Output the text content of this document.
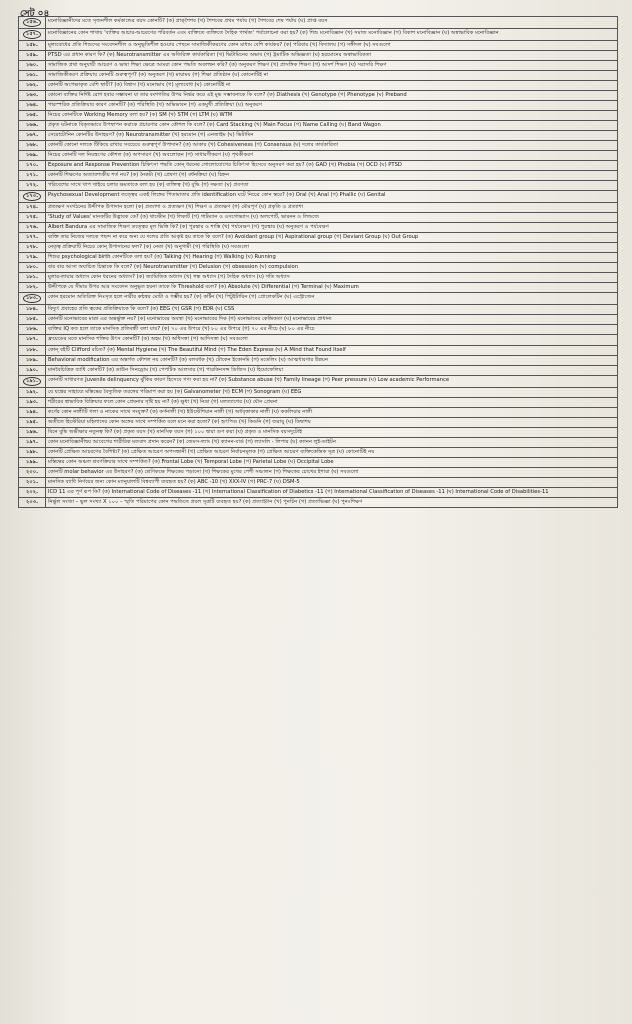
সেট ০৪
১৫৬.	মনোবিজ্ঞানীদের মতে সৃজনশীল কর্মকান্ডের বয়স কোনটি? (ক) প্রাক্‌শৈশব (খ) শৈশবের প্রথম পর্যায় (গ) শৈশবের শেষ পর্যায় (ঘ) প্রাপ্ত বয়স
১৫৭.	মনোবিজ্ঞানের কোন শাখায় 'ব্যক্তির আচার-আচরণের পরিবর্তন এবং ব্যক্তিতে ব্যক্তিতে দৈহিক পার্থক্য' পর্যালোচনা করা হয়? (ক) শিশু মনোবিজ্ঞান (খ) সমাজ মনোবিজ্ঞান (গ) বিকাশ মনোবিজ্ঞান (ঘ) অস্বাভাবিক মনোবিজ্ঞান
১৫৮.	মূল্যবোধের প্রতি শিশুদের সংবেদনশীল ও অনুভূতিশীল হওয়ার পেছনে সামাজিকীকরণের কোন মাধ্যম বেশি কার্যকর? (ক) পরিবার (খ) বিদ্যালয় (গ) সঙ্গীদল (ঘ) সবগুলো
১৫৯.	PTSD এর প্রধান কারণ কি? (ক) Neurotransmitter এর অতিরিক্ত কার্যকারিতা (খ) ভিটামিনের অভাব (গ) ট্রমাটিক অভিজ্ঞতা (ঘ) হরমোনের অস্বাভাবিকতা
১৬০.	সামাজিক প্রথা অনুযায়ী আচরণ ও ভাষা শিক্ষা ক্ষেত্রে আমরা কোন পদ্ধতি অবলম্বন করি? (ক) অনুকরণ শিক্ষণ (খ) প্রাসঙ্গিক শিক্ষণ (গ) আদর্শ শিক্ষণ (ঘ) সরাসরি শিক্ষণ
১৬১.	সামাজিকীকরণ প্রক্রিয়ায় কোনটি গুরুত্বপূর্ণ? (ক) অনুকরণ (খ) মায়াময় (গ) শিক্ষা প্রতিষ্ঠান (ঘ) কোনোটিই না
১৬২.	কোনটি অপেক্ষাকৃত বেশি স্থায়ী? (ক) বিশ্বাস (খ) মনোভাব (গ) মূল্যবোধ (ঘ) কোনোটিই না
১৬৩.	কোনো ব্যক্তির নির্দিষ্ট রোগ হবার সম্ভাবনা যা তার বংশগতির উপর নির্ভর করে এই মুদ্ধ সম্ভাবনাকে কি বলে? (ক) Diathesis (খ) Genotype (গ) Phenotype (ঘ) Preband
১৬৪.	পারস্পরিক প্রতিক্রিয়ার কারণ কোনটি? (ক) পরিস্থিতি (খ) অভিভাবন (গ) একমুখী প্রতিক্রিয়া (ঘ) অনুকরণ
১৬৫.	নিচের কোনটিকে Working Memory বলা হয়? (ক) SM (খ) STM (গ) LTM (ঘ) WTM
১৬৬.	প্রকৃত ঘটনাকে বিকৃতভাবে উপস্থাপন করাকে প্রচারণার কোন কৌশল কি বলে? (ক) Card Stacking (খ) Main Focus (গ) Name Calling (ঘ) Band Wagon
১৬৭.	সেরোটোনিন কোনটির উদাহরণ? (ক) Neurotransmitter (খ) হরমোন (গ) এনজাইম (ঘ) ভিটামিন
১৬৮.	কোনটি কোনো দলকে টিকিয়ে রাখার সবচেয়ে গুরুত্বপূর্ণ উপাদান? (ক) আকার (খ) Cohesiveness (গ) Consensus (ঘ) দলের কার্যকারিতা
১৬৯.	নিচের কোনটি দল নিয়ন্ত্রণের কৌশল (ক) অপসারণ (খ) অবলোকন (গ) সাধারণীকরণ (ঘ) পৃথকীকরণ
১৭০.	Exposure and Response Prevention চিকিৎসা পদ্ধতি কোন্ ধরনের গোলোযোগের চিকিৎসা হিসেবে অনুসরণ করা হয়? (ক) GAD (খ) Phobia (গ) OCD (ঘ) PTSD
১৭১.	কোনটি শিক্ষণের অত্যাবশ্যকীয় শর্ত নয়? (ক) নৈকট্য (খ) প্রেষণা (গ) বর্ধনক্রিয়া (ঘ) চিহ্নন
১৭২.	পরিবেশের সাথে খাপ খাইয়ে চলার ক্ষমতাকে বলা হয় (ক) ব্যক্তিত্ব (খ) বুদ্ধি (গ) দক্ষতা (ঘ) প্রবণতা
১৭৩.	Psychosexual Development তত্ত্বের একই লিঙ্গের পিতামাতার প্রতি identification ঘটে নিচের কোন স্তরে? (ক) Oral (খ) Anal (গ) Phallic (ঘ) Genital
১৭৪.	প্রত্যক্ষণ সংগঠনের উদ্দীপক উপাদান হলো (ক) প্রত্যাশা ও প্রত্যক্ষণ (খ) শিক্ষণ ও প্রত্যক্ষণ (গ) মৌরপূর্ণ (ঘ) প্রকৃতি ও প্রত্যাশা
১৭৫.	'Study of Values' মানকটির উদ্ভাবক কে? (ক) থার্স্টোন (খ) লিকার্ট (গ) গাটম্যান ও ওসগোভ্যাস (ঘ) অলপোর্ট, ভারনন ও লিন্ডজে
১৭৬.	Albert Bandura এর সামাজিক শিক্ষণ তত্ত্বের মূল ভিত্তি কি? (ক) পুরস্কার ও শাস্তি (খ) পর্যবেক্ষণ (গ) পুরস্কার (ঘ) অনুকরণ ও পর্যবেক্ষণ
১৭৭.	ব্যক্তি তার নিজের দলকে পছন্দ না করে অন্য যে দলের প্রতি আকৃষ্ট হয় তাকে কি বলে? (ক) Avoidant group (খ) Aspirational group (গ) Deviant Group (ঘ) Out Group
১৭৮.	নেতৃত্ব প্রক্রিয়াটি নিচের কোন্ উপাদানের ফল? (ক) নেতা (খ) অনুগামী (গ) পরিস্থিতি (ঘ) সবগুলো
১৭৯.	শিশুর psychological birth কোনটিকে বলা হয়? (ক) Talking (খ) Hearing (গ) Walking (ঘ) Running
১৮০.	বার বার আসা অযাচিত চিন্তাকে কি বলে? (ক) Neurotransmitter (খ) Delusion (গ) obsession (ঘ) compulsion
১৮১.	মুলার-লায়ার অধ্যাস কোন ধরনের অধ্যাস? (ক) জ্যামিতিক অধ্যাস (খ) গন্ধ অধ্যাস (গ) দৈহিক অধ্যাস (ঘ) গতি অধ্যাস
১৮২.	উদ্দীপকে যে সীমার উপর আর সংবেদন অনুভূত হয়না তাকে কি Threshold বলে? (ক) Absolute (খ) Differential (গ) Terminal (ঘ) Maximum
১৮৩.	কোন হরমোন অতিরিক্ত নিঃসৃত হলে নারীর কন্ঠস্বর মোটা ও গম্ভীর হয়? (ক) কর্টিন (খ) পিটুইটারিন (গ) প্রোলেকটিন (ঘ) এস্ট্রোজেন
১৮৪.	বিদ্যুৎ প্রবাহের প্রতি ত্বকের প্রতিক্রিয়াকে কি বলে? (ক) EEG (খ) GSR (গ) EDR (ঘ) CSS
১৮৫.	কোনটি মনোভাবের মাত্রা এর অন্তর্ভুক্ত নয়? (ক) মনোভাবের অবস্থা (খ) মনোভাবের দিক (গ) মনোভাবের কেন্দ্রিকতা (ঘ) মনোভাবের প্রাধান্য
১৮৬.	ব্যক্তির IQ কত হলে তাকে মানসিক প্রতিবন্ধী বলা যায়? (ক) ৭০ এর উপরে (খ) ৮০ এর উপরে (গ) ৭০ এর নীচে (ঘ) ৮০ এর নীচে
১৮৭.	ফ্রয়েডের মতে মানসিক শক্তির উৎস কোনটি? (ক) অহম (খ) অধিসত্তা (গ) আদিসত্তা (ঘ) সবগুলো
১৮৮.	কোন্ বইটি Clifford রচিত? (ক) Mental Hygiene (খ) The Beautiful Mind (গ) The Eden Express (ঘ) A Mind that Found Itself
১৮৯.	Behavioral modification এর অন্তর্গত কৌশল নয় কোনটি? (ক) বলবর্ধক (খ) টোকেন ইকোনমি (গ) মডেলিং (ঘ) আত্মধারণার উন্নয়ন
১৯০.	মানবৈচিত্রিক ব্যাধি কোনটি? (ক) ডাউন সিনড্রোম (খ) পেপটিক আলসার (গ) পারকিনসন্স ডিজিস (ঘ) হিমোফেলিয়া
১৯১.	কোনটি সাধারণত Juvenile delinquency ঝুঁকির কারণ হিসেবে গণ্য করা হয় না? (ক) Substance abuse (খ) Family lineage (গ) Peer pressure (ঘ) Low academic Performance
১৯২.	যে যন্ত্রের সাহায্যে মস্তিষ্কের বৈদ্যুতিক তরঙ্গের পরিমাপ করা হয় (ক) Galvanometer (খ) ECM (গ) Sonogram (ঘ) EEG
১৯৩.	শরীরের স্বাভাবিক বিক্রিয়ার ফলে কোন প্রেষনার সৃষ্টি হয় না? (ক) ক্ষুধা (খ) নিদ্রা (গ) মলত্যাগের (ঘ) যৌন প্রেষনা
১৯৪.	কর্ণের কোন নালীটি গলা ও নাকের সাথে সংযুক্ত? (ক) কর্ণনালী (খ) ইউস্টেশিয়ান নালী (গ) অর্ধবৃত্তাকার নালী (ঘ) ককলিয়ার নালী
১৯৫.	অতীতে হিস্টেরিয়া মহিলাদের কোন অঙ্গের সাথে সম্পর্কিত বলে মনে করা হতো? (ক) হৃৎপিণ্ড (খ) কিডনি (গ) জরায়ু (ঘ) ডিম্বাশয়
১৯৬.	বিনে বুদ্ধি অভীক্ষার নতুনত্ব কি? (ক) প্রকৃত বয়স (খ) মানসিক বয়স (গ) ১০০ দ্বারা গুণ করা (ঘ) প্রকৃত ও মানসিক বয়সদুটোই
১৯৭.	কোন মনোবিজ্ঞানীদ্বয় আবেগের শারীরিক মতবাদ প্রদান করেন? (ক) জেমস-ল্যাং (খ) ক্যানন-বার্ড (গ) ল্যাসলি - লিপার (ঘ) ক্যানন লুই-ডাইটন
১৯৮.	কোনটি প্রেক্ষিত আচরণের বৈশিষ্ট্য? (ক) প্রেক্ষিত আচরণ অপসন্ধানী (খ) প্রেক্ষিত আচরণ নির্বাচনমূলক (গ) প্রেক্ষিত আচরণ ব্যক্তিকেন্দ্রিক সূত্র (ঘ) কোনোটিই নয়
১৯৯.	মস্তিষ্কের কোন অঞ্চল শ্রবণক্রিয়ার সাথে সম্পর্কিত? (ক) Frontal Lobe (খ) Temporal Lobe (গ) Parietal Lobe (ঘ) Occipital Lobe
২০০.	কোনটি molar behavior এর উদাহরণ? (ক) শ্রেণিকক্ষে শিক্ষকের পড়ানো (খ) শিক্ষকের মুখের পেশী সঞ্চালন (গ) শিক্ষকের চোখের ইশারা (ঘ) সবগুলো
২০১.	মানসিক ব্যাধি নির্ণয়ের জন্য কোন ম্যানুয়ালটি বিশ্বব্যাপী ব্যবহৃত হয়? (ক) ABC -10 (খ) XXX-IV (গ) PRC-7 (ঘ) DSM-5
২০২.	ICD 11 এর পূর্ণ রূপ কি? (ক) International Code of Diseases -11 (খ) International Classification of Diabetics -11 (গ) International Classification of Diseases -11 (ঘ) International Code of Disabilities-11
২০৩.	নির্ভুল সংখ্যা – ভুল সংখ্যা X ১০০ – স্মৃতি পরিমাপের কোন পদ্ধতিতে প্রবল সূত্রটি ব্যবহৃত হয়? (ক) প্রত্যাহ্বান (খ) পুনর্চিন (গ) প্রত্যাভিজ্ঞা (ঘ) পুনঃশিক্ষণ
